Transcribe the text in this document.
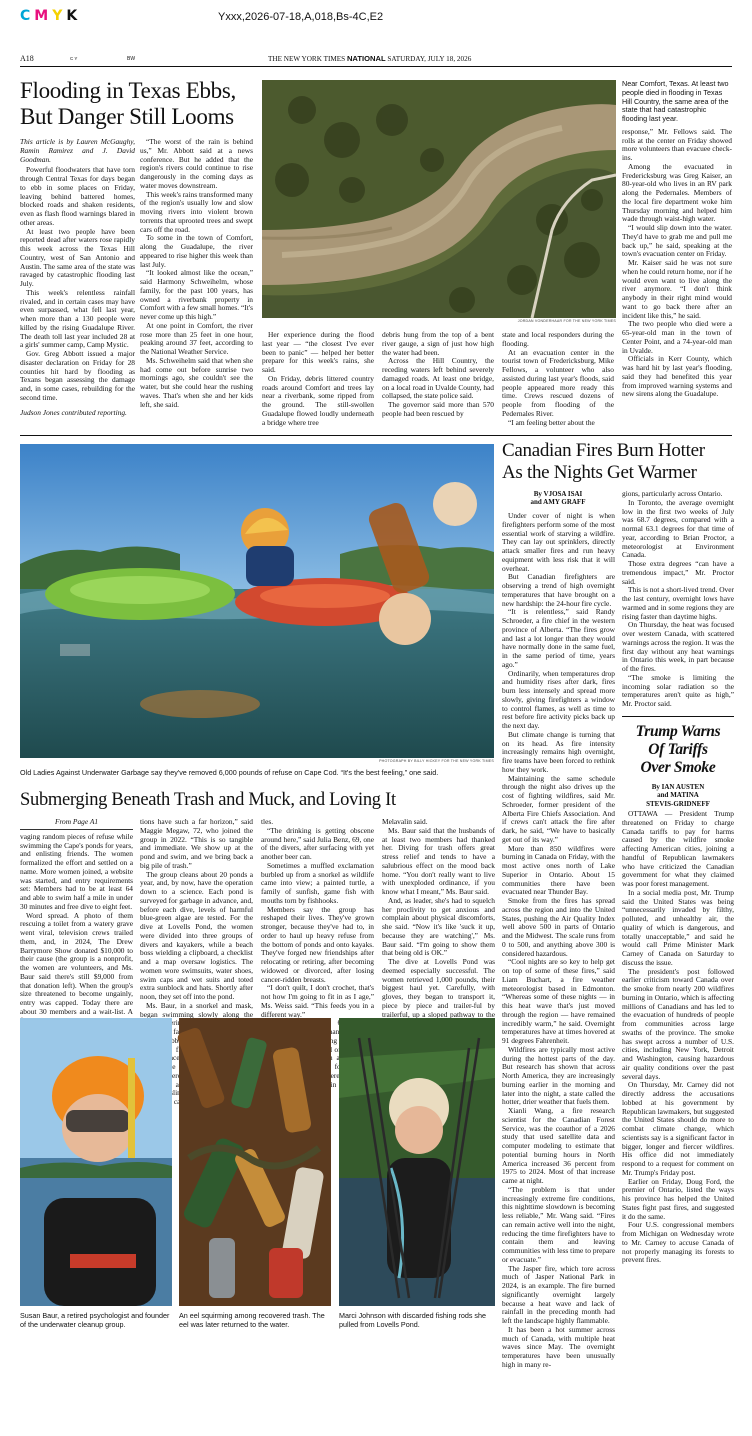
CMYK	Yxxx,2026-07-18,A,018,Bs-4C,E2
A18	C Y	BW	THE NEW YORK TIMES NATIONAL SATURDAY, JULY 18, 2026
Flooding in Texas Ebbs,
But Danger Still Looms

This article is by Lauren McGaughy, Ramin Ramirez and J. David Goodman.

Powerful floodwaters that have torn through Central Texas for days began to ebb in some places on Friday, leaving behind battered homes, blocked roads and shaken residents, even as flash flood warnings blared in other areas.

At least two people have been reported dead after waters rose rapidly this week across the Texas Hill Country, west of San Antonio and Austin. The same area of the state was ravaged by catastrophic flooding last July.

This week's relentless rainfall rivaled, and in certain cases may have even surpassed, what fell last year, when more than a 130 people were killed by the rising Guadalupe River. The death toll last year included 28 at a girls' summer camp, Camp Mystic.

Gov. Greg Abbott issued a major disaster declaration on Friday for 28 counties hit hard by flooding as Texans began assessing the damage and, in some cases, rebuilding for the second time.

Judson Jones contributed reporting.

“The worst of the rain is behind us,” Mr. Abbott said at a news conference. But he added that the region's rivers could continue to rise dangerously in the coming days as water moves downstream.

This week's rains transformed many of the region's usually low and slow moving rivers into violent brown torrents that uprooted trees and swept cars off the road.

To some in the town of Comfort, along the Guadalupe, the river appeared to rise higher this week than last July.

“It looked almost like the ocean,” said Harmony Schweihelm, whose family, for the past 100 years, has owned a riverbank property in Comfort with a few small homes. “It's never come up this high.”

At one point in Comfort, the river rose more than 25 feet in one hour, peaking around 37 feet, according to the National Weather Service.

Ms. Schweihelm said that when she had come out before sunrise two mornings ago, she couldn't see the water, but she could hear the rushing waves. That's when she and her kids left, she said.

JORDAN VONDERHAAR FOR THE NEW YORK TIMES

Her experience during the flood last year — “the closest I've ever been to panic” — helped her better prepare for this week's rains, she said.

On Friday, debris littered country roads around Comfort and trees lay near a riverbank, some ripped from the ground. The still-swollen Guadalupe flowed loudly underneath a bridge where tree

debris hung from the top of a bent river gauge, a sign of just how high the water had been.

Across the Hill Country, the receding waters left behind severely damaged roads. At least one bridge, on a local road in Uvalde County, had collapsed, the state police said.

The governor said more than 570 people had been rescued by

state and local responders during the flooding.

At an evacuation center in the tourist town of Fredericksburg, Mike Fellows, a volunteer who also assisted during last year's floods, said people appeared more ready this time. Crews rescued dozens of people from flooding of the Pedernales River.

“I am feeling better about the

Near Comfort, Texas. At least two people died in flooding in Texas Hill Country, the same area of the state that had catastrophic flooding last year.

response,” Mr. Fellows said. The rolls at the center on Friday showed more volunteers than evacuee check-ins.

Among the evacuated in Fredericksburg was Greg Kaiser, an 80-year-old who lives in an RV park along the Pedernales. Members of the local fire department woke him Thursday morning and helped him wade through waist-high water.

“I would slip down into the water. They'd have to grab me and pull me back up,” he said, speaking at the town's evacuation center on Friday.

Mr. Kaiser said he was not sure when he could return home, nor if he would even want to live along the river anymore. “I don't think anybody in their right mind would want to go back there after an incident like this,” he said.

The two people who died were a 65-year-old man in the town of Center Point, and a 74-year-old man in Uvalde.

Officials in Kerr County, which was hard hit by last year's flooding, said they had benefited this year from improved warning systems and new sirens along the Guadalupe.

PHOTOGRAPH BY BILLY HICKEY FOR THE NEW YORK TIMES
Old Ladies Against Underwater Garbage say they've removed 6,000 pounds of refuse on Cape Cod. “It's the best feeling,” one said.
Submerging Beneath Trash and Muck, and Loving It

From Page A1

vaging random pieces of refuse while swimming the Cape's ponds for years, and enlisting friends. The women formalized the effort and settled on a name. More women joined, a website was started, and entry requirements set: Members had to be at least 64 and able to swim half a mile in under 30 minutes and free dive to eight feet.

Word spread. A photo of them rescuing a toilet from a watery grave went viral, television crews trailed them, and, in 2024, The Drew Barrymore Show donated $10,000 to their cause (the group is a nonprofit, the women are volunteers, and Ms. Baur said there's still $9,000 from that donation left). When the group's size threatened to become ungainly, entry was capped. Today there are about 30 members and a wait-list. A

tions have such a far horizon,” said Maggie Megaw, 72, who joined the group in 2022. “This is so tangible and immediate. We show up at the pond and swim, and we bring back a big pile of trash.”

The group cleans about 20 ponds a year, and, by now, have the operation down to a science. Each pond is surveyed for garbage in advance, and, before each dive, levels of harmful blue-green algae are tested. For the dive at Lovells Pond, the women were divided into three groups of divers and kayakers, while a beach boss wielding a clipboard, a checklist and a map oversaw logistics. The women wore swimsuits, water shoes, swim caps and wet suits and toted extra sunblock and hats. Shortly after noon, they set off into the pond.

Ms. Baur, in a snorkel and mask, began swimming slowly along the bubbles.

were slimy

tles.

“The drinking is getting obscene around here,” said Julia Benz, 69, one of the divers, after surfacing with yet another beer can.

Sometimes a muffled exclamation burbled up from a snorkel as wildlife came into view; a painted turtle, a family of sunfish, game fish with mouths torn by fishhooks.

Members say the group has reshaped their lives. They've grown stronger, because they've had to, in order to haul up heavy refuse from the bottom of ponds and onto kayaks. They've forged new friendships after relocating or retiring, after becoming widowed or divorced, after losing cancer-ridden breasts.

“I don't quilt, I don't crochet, that's not how I'm going to fit in as I age,” Ms. Weiss said. “This feeds you in a different way.”

Kilimanjaro of a for “There's in

Melavalin said.

Ms. Baur said that the husbands of at least two members had thanked her. Diving for trash offers great stress relief and tends to have a salubrious effect on the mood back home. “You don't really want to live with unexploded ordinance, if you know what I meant,” Ms. Baur said.

And, as leader, she's had to squelch her proclivity to get anxious and complain about physical discomforts, she said. “Now it's like 'suck it up, because they are watching',” Ms. Baur said. “I'm going to show them that being old is OK.”

The dive at Lovells Pond was deemed especially successful. The women retrieved 1,000 pounds, their biggest haul yet. Carefully, with gloves, they began to transport it, piece by piece and trailer-ful by trailerful, up a sloped pathway to the

Susan Baur, a retired psychologist and founder of the underwater cleanup group.
An eel squirming among recovered trash. The eel was later returned to the water.
Marci Johnson with discarded fishing rods she pulled from Lovells Pond.
Canadian Fires Burn Hotter
As the Nights Get Warmer
By VJOSA ISAI
and AMY GRAFF

Under cover of night is when firefighters perform some of the most essential work of starving a wildfire. They can lay out sprinklers, directly attack smaller fires and run heavy equipment with less risk that it will overheat.

But Canadian firefighters are observing a trend of high overnight temperatures that have brought on a new hardship: the 24-hour fire cycle.

“It is relentless,” said Randy Schroeder, a fire chief in the western province of Alberta. “The fires grow and last a lot longer than they would have normally done in the same fuel, in the same period of time, years ago.”

Ordinarily, when temperatures drop and humidity rises after dark, fires burn less intensely and spread more slowly, giving firefighters a window to control flames, as well as time to rest before fire activity picks back up the next day.

But climate change is turning that on its head. As fire intensity increasingly remains high overnight, fire teams have been forced to rethink how they work.

Maintaining the same schedule through the night also drives up the cost of fighting wildfires, said Mr. Schroeder, former president of the Alberta Fire Chiefs Association. And if crews can't attack the fire after dark, he said, “We have to basically get out of its way.”

More than 850 wildfires were burning in Canada on Friday, with the most active ones north of Lake Superior in Ontario. About 15 communities there have been evacuated near Thunder Bay.

Smoke from the fires has spread across the region and into the United States, pushing the Air Quality Index well above 500 in parts of Ontario and the Midwest. The scale runs from 0 to 500, and anything above 300 is considered hazardous.

“Cool nights are so key to help get on top of some of these fires,” said Liam Buchart, a fire weather meteorologist based in Edmonton. “Whereas some of these nights — in this heat wave that's just moved through the region — have remained incredibly warm,” he said. Overnight temperatures have at times hovered at 91 degrees Fahrenheit.

Wildfires are typically most active during the hottest parts of the day. But research has shown that across North America, they are increasingly burning earlier in the morning and later into the night, a state called the hotter, drier weather that fuels them.

Xianli Wang, a fire research scientist for the Canadian Forest Service, was the coauthor of a 2026 study that used satellite data and computer modeling to estimate that potential burning hours in North America increased 36 percent from 1975 to 2024. Most of that increase came at night.

“The problem is that under increasingly extreme fire conditions, this nighttime slowdown is becoming less reliable,” Mr. Wang said. “Fires can remain active well into the night, reducing the time firefighters have to contain them and leaving communities with less time to prepare or evacuate.”

The Jasper fire, which tore across much of Jasper National Park in 2024, is an example. The fire burned significantly overnight largely because a heat wave and lack of rainfall in the preceding month had left the landscape highly flammable.

It has been a hot summer across much of Canada, with multiple heat waves since May. The overnight temperatures have been unusually high in many re-

gions, particularly across Ontario.

In Toronto, the average overnight low in the first two weeks of July was 68.7 degrees, compared with a normal 63.1 degrees for that time of year, according to Brian Proctor, a meteorologist at Environment Canada.

Those extra degrees “can have a tremendous impact,” Mr. Proctor said.

This is not a short-lived trend. Over the last century, overnight lows have warmed and in some regions they are rising faster than daytime highs.

On Thursday, the heat was focused over western Canada, with scattered warnings across the region. It was the first day without any heat warnings in Ontario this week, in part because of the fires.

“The smoke is limiting the incoming solar radiation so the temperatures aren't quite as high,” Mr. Proctor said.

Trump Warns
Of Tariffs
Over Smoke
By IAN AUSTEN
and MATINA
STEVIS-GRIDNEFF

OTTAWA — President Trump threatened on Friday to charge Canada tariffs to pay for harms caused by the wildfire smoke affecting American cities, joining a handful of Republican lawmakers who have criticized the Canadian government for what they claimed was poor forest management.

In a social media post, Mr. Trump said the United States was being “unnecessarily invaded by filthy, polluted, and unhealthy air, the quality of which is dangerous, and totally unacceptable,” and said he would call Prime Minister Mark Carney of Canada on Saturday to discuss the issue.

The president's post followed earlier criticism toward Canada over the smoke from nearly 200 wildfires burning in Ontario, which is affecting millions of Canadians and has led to the evacuation of hundreds of people from communities across large swaths of the province. The smoke has swept across a number of U.S. cities, including New York, Detroit and Washington, causing hazardous air quality conditions over the past several days.

On Thursday, Mr. Carney did not directly address the accusations lobbed at his government by Republican lawmakers, but suggested the United States should do more to combat climate change, which scientists say is a significant factor in bigger, longer and fiercer wildfires. His office did not immediately respond to a request for comment on Mr. Trump's Friday post.

Earlier on Friday, Doug Ford, the premier of Ontario, listed the ways his province has helped the United States fight past fires, and suggested it do the same.

Four U.S. congressional members from Michigan on Wednesday wrote to Mr. Carney to accuse Canada of not properly managing its forests to prevent fires.
